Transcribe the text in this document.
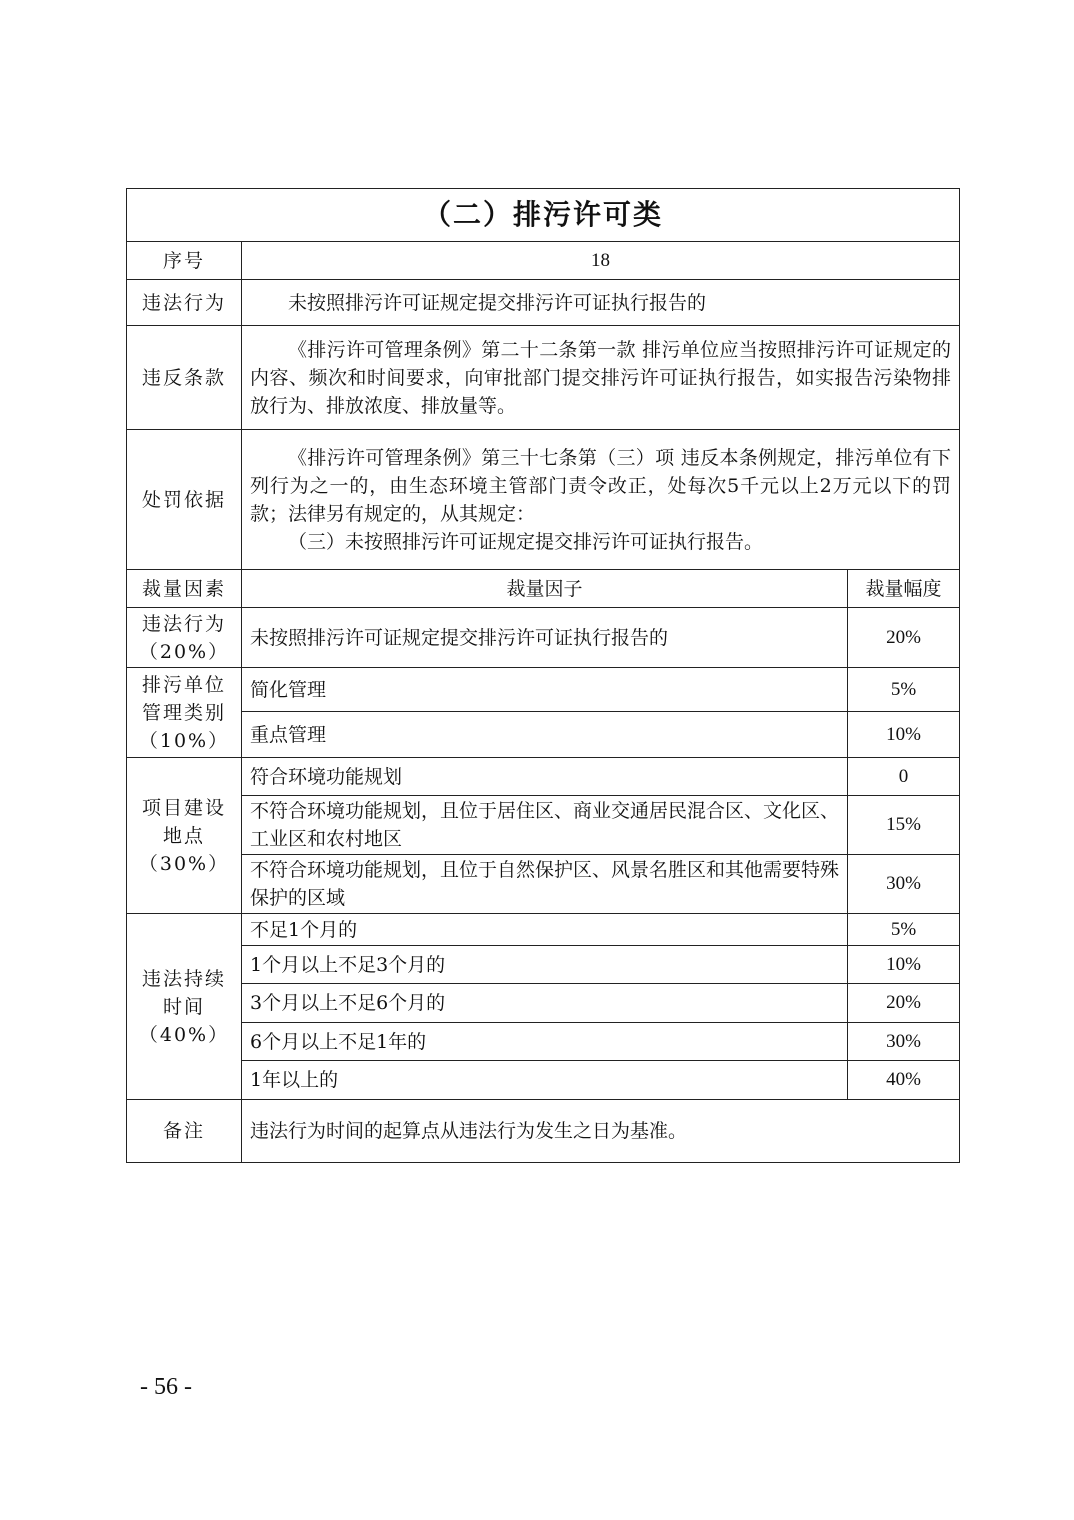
（二）排污许可类		
序号	18	
违法行为	未按照排污许可证规定提交排污许可证执行报告的	
违反条款	《排污许可管理条例》第二十二条第一款 排污单位应当按照排污许可证规定的内容、频次和时间要求，向审批部门提交排污许可证执行报告，如实报告污染物排放行为、排放浓度、排放量等。	
处罚依据	《排污许可管理条例》第三十七条第（三）项 违反本条例规定，排污单位有下列行为之一的，由生态环境主管部门责令改正，处每次5千元以上2万元以下的罚款；法律另有规定的，从其规定：

（三）未按照排污许可证规定提交排污许可证执行报告。	

裁量因素	裁量因子	裁量幅度
违法行为
（20%）	未按照排污许可证规定提交排污许可证执行报告的	20%
排污单位
管理类别
（10%）	简化管理	5%
	重点管理	10%
项目建设
地点
（30%）	符合环境功能规划	0
	不符合环境功能规划，且位于居住区、商业交通居民混合区、文化区、工业区和农村地区	15%
	不符合环境功能规划，且位于自然保护区、风景名胜区和其他需要特殊保护的区域	30%
违法持续
时间
（40%）	不足1个月的	5%
	1个月以上不足3个月的	10%
	3个月以上不足6个月的	20%
	6个月以上不足1年的	30%
	1年以上的	40%
备注	违法行为时间的起算点从违法行为发生之日为基准。	
- 56 -
